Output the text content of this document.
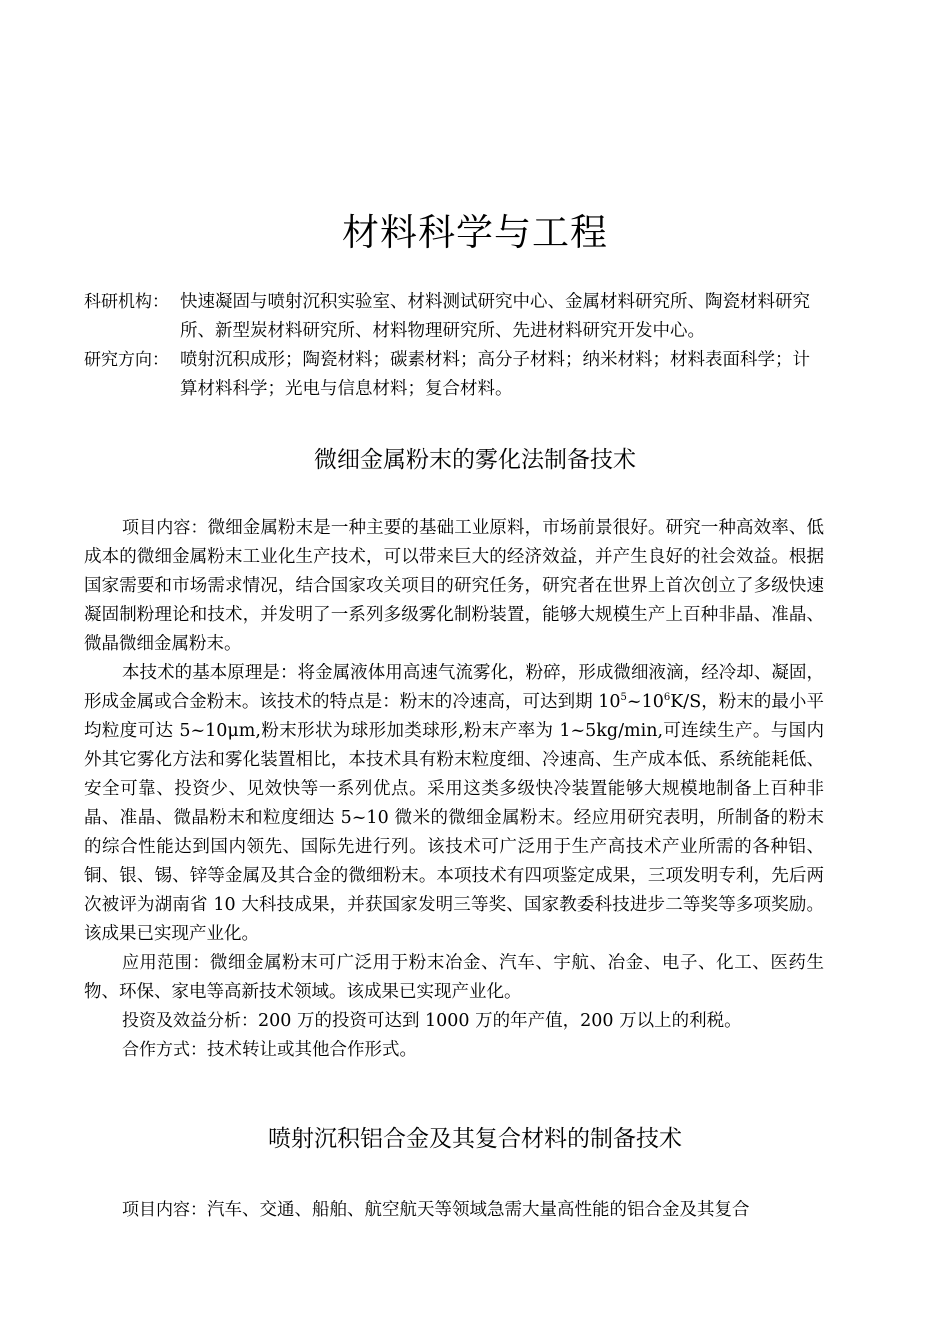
材料科学与工程
科研机构： 快速凝固与喷射沉积实验室、材料测试研究中心、金属材料研究所、陶瓷材料研究所、新型炭材料研究所、材料物理研究所、先进材料研究开发中心。
研究方向： 喷射沉积成形；陶瓷材料；碳素材料；高分子材料；纳米材料；材料表面科学；计算材料科学；光电与信息材料；复合材料。
微细金属粉末的雾化法制备技术

项目内容：微细金属粉末是一种主要的基础工业原料，市场前景很好。研究一种高效率、低成本的微细金属粉末工业化生产技术，可以带来巨大的经济效益，并产生良好的社会效益。根据国家需要和市场需求情况，结合国家攻关项目的研究任务，研究者在世界上首次创立了多级快速凝固制粉理论和技术，并发明了一系列多级雾化制粉装置，能够大规模生产上百种非晶、准晶、微晶微细金属粉末。

本技术的基本原理是：将金属液体用高速气流雾化，粉碎，形成微细液滴，经冷却、凝固，形成金属或合金粉末。该技术的特点是：粉末的冷速高，可达到期 $10^5\sim 10^6K/S$，粉末的最小平均粒度可达 5~10μm,粉末形状为球形加类球形,粉末产率为 1~5kg/min,可连续生产。与国内外其它雾化方法和雾化装置相比，本技术具有粉末粒度细、冷速高、生产成本低、系统能耗低、安全可靠、投资少、见效快等一系列优点。采用这类多级快冷装置能够大规模地制备上百种非晶、准晶、微晶粉末和粒度细达 5~10 微米的微细金属粉末。经应用研究表明，所制备的粉末的综合性能达到国内领先、国际先进行列。该技术可广泛用于生产高技术产业所需的各种铝、铜、银、锡、锌等金属及其合金的微细粉末。本项技术有四项鉴定成果，三项发明专利，先后两次被评为湖南省 10 大科技成果，并获国家发明三等奖、国家教委科技进步二等奖等多项奖励。该成果已实现产业化。

应用范围：微细金属粉末可广泛用于粉末冶金、汽车、宇航、冶金、电子、化工、医药生物、环保、家电等高新技术领域。该成果已实现产业化。

投资及效益分析：200 万的投资可达到 1000 万的年产值，200 万以上的利税。

合作方式：技术转让或其他合作形式。

喷射沉积铝合金及其复合材料的制备技术

项目内容：汽车、交通、船舶、航空航天等领域急需大量高性能的铝合金及其复合
